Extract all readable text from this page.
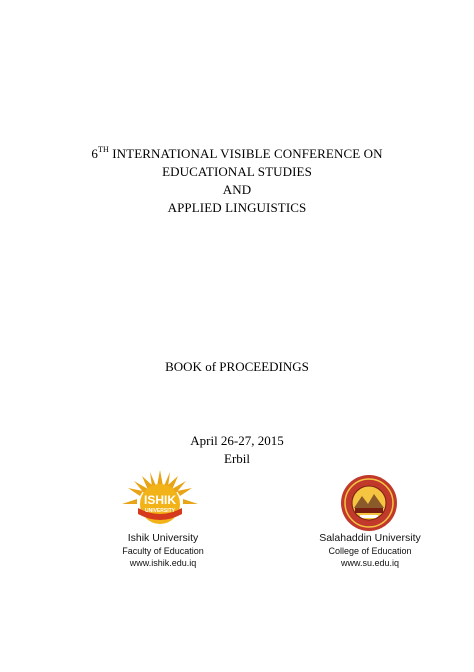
6TH INTERNATIONAL VISIBLE CONFERENCE ON
EDUCATIONAL STUDIES
AND
APPLIED LINGUISTICS
BOOK of PROCEEDINGS
April 26-27, 2015
Erbil
ISHIK
UNIVERSITY
Ishik University
Faculty of Education
www.ishik.edu.iq
Salahaddin University
College of Education
www.su.edu.iq
